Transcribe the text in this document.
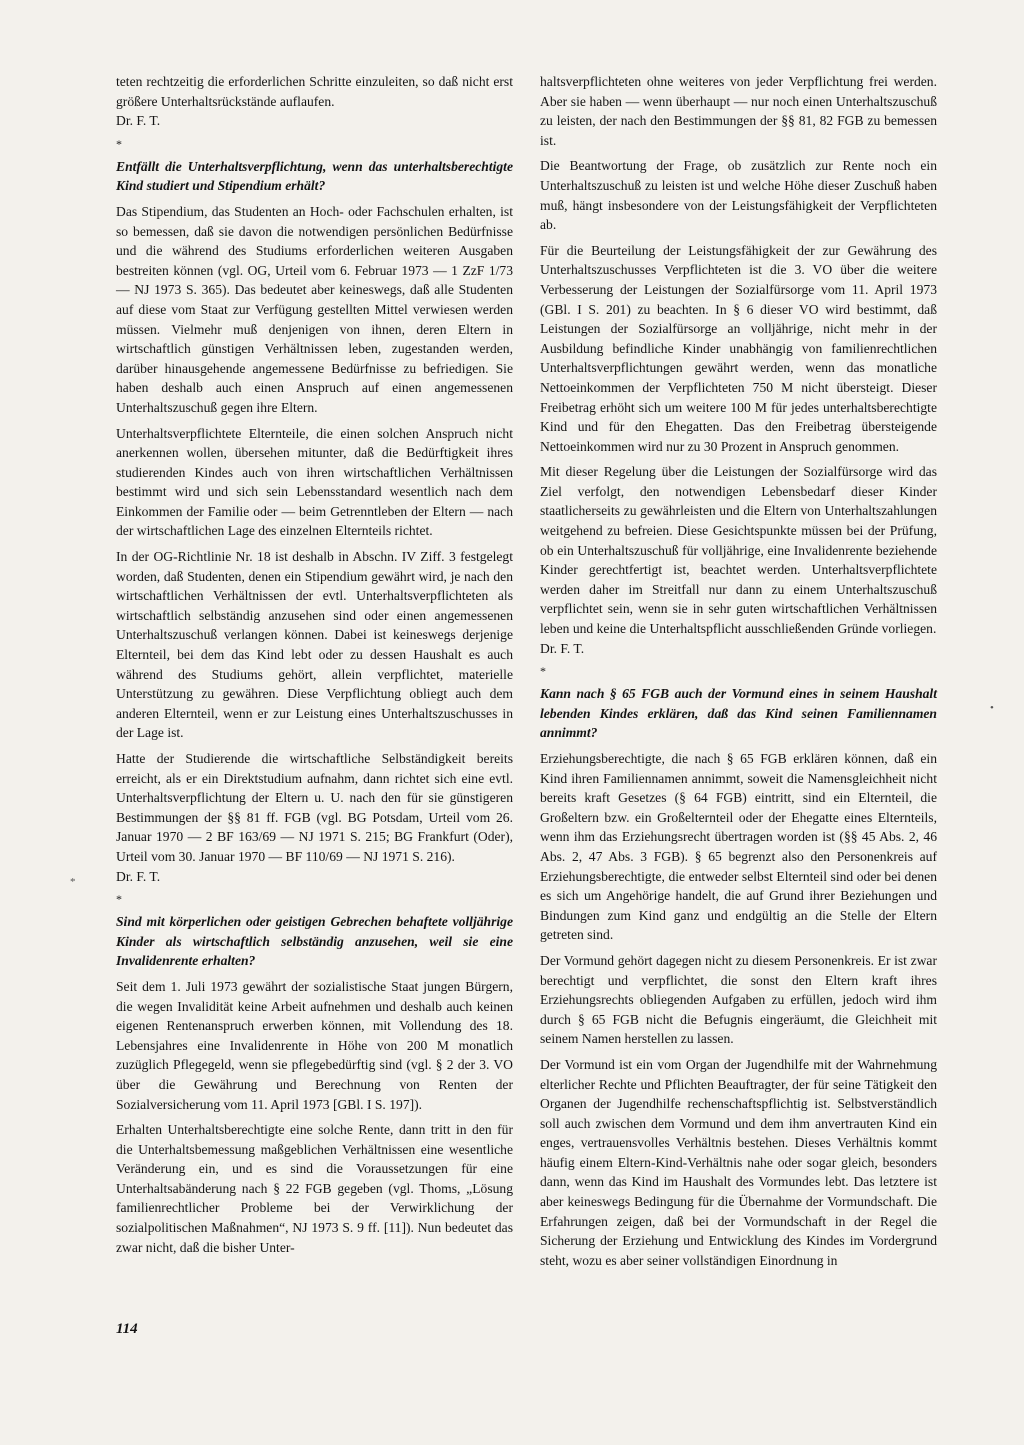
teten rechtzeitig die erforderlichen Schritte einzuleiten, so daß nicht erst größere Unterhaltsrückstände auflaufen.

Dr. F. T.

*

Entfällt die Unterhaltsverpflichtung, wenn das unterhaltsberechtigte Kind studiert und Stipendium erhält?

Das Stipendium, das Studenten an Hoch- oder Fachschulen erhalten, ist so bemessen, daß sie davon die notwendigen persönlichen Bedürfnisse und die während des Studiums erforderlichen weiteren Ausgaben bestreiten können (vgl. OG, Urteil vom 6. Februar 1973 — 1 ZzF 1/73 — NJ 1973 S. 365). Das bedeutet aber keineswegs, daß alle Studenten auf diese vom Staat zur Verfügung gestellten Mittel verwiesen werden müssen. Vielmehr muß denjenigen von ihnen, deren Eltern in wirtschaftlich günstigen Verhältnissen leben, zugestanden werden, darüber hinausgehende angemessene Bedürfnisse zu befriedigen. Sie haben deshalb auch einen Anspruch auf einen angemessenen Unterhaltszuschuß gegen ihre Eltern.

Unterhaltsverpflichtete Elternteile, die einen solchen Anspruch nicht anerkennen wollen, übersehen mitunter, daß die Bedürftigkeit ihres studierenden Kindes auch von ihren wirtschaftlichen Verhältnissen bestimmt wird und sich sein Lebensstandard wesentlich nach dem Einkommen der Familie oder — beim Getrenntleben der Eltern — nach der wirtschaftlichen Lage des einzelnen Elternteils richtet.

In der OG-Richtlinie Nr. 18 ist deshalb in Abschn. IV Ziff. 3 festgelegt worden, daß Studenten, denen ein Stipendium gewährt wird, je nach den wirtschaftlichen Verhältnissen der evtl. Unterhaltsverpflichteten als wirtschaftlich selbständig anzusehen sind oder einen angemessenen Unterhaltszuschuß verlangen können. Dabei ist keineswegs derjenige Elternteil, bei dem das Kind lebt oder zu dessen Haushalt es auch während des Studiums gehört, allein verpflichtet, materielle Unterstützung zu gewähren. Diese Verpflichtung obliegt auch dem anderen Elternteil, wenn er zur Leistung eines Unterhaltszuschusses in der Lage ist.

Hatte der Studierende die wirtschaftliche Selbständigkeit bereits erreicht, als er ein Direktstudium aufnahm, dann richtet sich eine evtl. Unterhaltsverpflichtung der Eltern u. U. nach den für sie günstigeren Bestimmungen der §§ 81 ff. FGB (vgl. BG Potsdam, Urteil vom 26. Januar 1970 — 2 BF 163/69 — NJ 1971 S. 215; BG Frankfurt (Oder), Urteil vom 30. Januar 1970 — BF 110/69 — NJ 1971 S. 216).

Dr. F. T.

*

Sind mit körperlichen oder geistigen Gebrechen behaftete volljährige Kinder als wirtschaftlich selbständig anzusehen, weil sie eine Invalidenrente erhalten?

Seit dem 1. Juli 1973 gewährt der sozialistische Staat jungen Bürgern, die wegen Invalidität keine Arbeit aufnehmen und deshalb auch keinen eigenen Rentenanspruch erwerben können, mit Vollendung des 18. Lebensjahres eine Invalidenrente in Höhe von 200 M monatlich zuzüglich Pflegegeld, wenn sie pflegebedürftig sind (vgl. § 2 der 3. VO über die Gewährung und Berechnung von Renten der Sozialversicherung vom 11. April 1973 [GBl. I S. 197]).

Erhalten Unterhaltsberechtigte eine solche Rente, dann tritt in den für die Unterhaltsbemessung maßgeblichen Verhältnissen eine wesentliche Veränderung ein, und es sind die Voraussetzungen für eine Unterhaltsabänderung nach § 22 FGB gegeben (vgl. Thoms, „Lösung familienrechtlicher Probleme bei der Verwirklichung der sozialpolitischen Maßnahmen“, NJ 1973 S. 9 ff. [11]). Nun bedeutet das zwar nicht, daß die bisher Unter-

haltsverpflichteten ohne weiteres von jeder Verpflichtung frei werden. Aber sie haben — wenn überhaupt — nur noch einen Unterhaltszuschuß zu leisten, der nach den Bestimmungen der §§ 81, 82 FGB zu bemessen ist.

Die Beantwortung der Frage, ob zusätzlich zur Rente noch ein Unterhaltszuschuß zu leisten ist und welche Höhe dieser Zuschuß haben muß, hängt insbesondere von der Leistungsfähigkeit der Verpflichteten ab.

Für die Beurteilung der Leistungsfähigkeit der zur Gewährung des Unterhaltszuschusses Verpflichteten ist die 3. VO über die weitere Verbesserung der Leistungen der Sozialfürsorge vom 11. April 1973 (GBl. I S. 201) zu beachten. In § 6 dieser VO wird bestimmt, daß Leistungen der Sozialfürsorge an volljährige, nicht mehr in der Ausbildung befindliche Kinder unabhängig von familienrechtlichen Unterhaltsverpflichtungen gewährt werden, wenn das monatliche Nettoeinkommen der Verpflichteten 750 M nicht übersteigt. Dieser Freibetrag erhöht sich um weitere 100 M für jedes unterhaltsberechtigte Kind und für den Ehegatten. Das den Freibetrag übersteigende Nettoeinkommen wird nur zu 30 Prozent in Anspruch genommen.

Mit dieser Regelung über die Leistungen der Sozialfürsorge wird das Ziel verfolgt, den notwendigen Lebensbedarf dieser Kinder staatlicherseits zu gewährleisten und die Eltern von Unterhaltszahlungen weitgehend zu befreien. Diese Gesichtspunkte müssen bei der Prüfung, ob ein Unterhaltszuschuß für volljährige, eine Invalidenrente beziehende Kinder gerechtfertigt ist, beachtet werden. Unterhaltsverpflichtete werden daher im Streitfall nur dann zu einem Unterhaltszuschuß verpflichtet sein, wenn sie in sehr guten wirtschaftlichen Verhältnissen leben und keine die Unterhaltspflicht ausschließenden Gründe vorliegen.

Dr. F. T.

*

Kann nach § 65 FGB auch der Vormund eines in seinem Haushalt lebenden Kindes erklären, daß das Kind seinen Familiennamen annimmt?

Erziehungsberechtigte, die nach § 65 FGB erklären können, daß ein Kind ihren Familiennamen annimmt, soweit die Namensgleichheit nicht bereits kraft Gesetzes (§ 64 FGB) eintritt, sind ein Elternteil, die Großeltern bzw. ein Großelternteil oder der Ehegatte eines Elternteils, wenn ihm das Erziehungsrecht übertragen worden ist (§§ 45 Abs. 2, 46 Abs. 2, 47 Abs. 3 FGB). § 65 begrenzt also den Personenkreis auf Erziehungsberechtigte, die entweder selbst Elternteil sind oder bei denen es sich um Angehörige handelt, die auf Grund ihrer Beziehungen und Bindungen zum Kind ganz und endgültig an die Stelle der Eltern getreten sind.

Der Vormund gehört dagegen nicht zu diesem Personenkreis. Er ist zwar berechtigt und verpflichtet, die sonst den Eltern kraft ihres Erziehungsrechts obliegenden Aufgaben zu erfüllen, jedoch wird ihm durch § 65 FGB nicht die Befugnis eingeräumt, die Gleichheit mit seinem Namen herstellen zu lassen.

Der Vormund ist ein vom Organ der Jugendhilfe mit der Wahrnehmung elterlicher Rechte und Pflichten Beauftragter, der für seine Tätigkeit den Organen der Jugendhilfe rechenschaftspflichtig ist. Selbstverständlich soll auch zwischen dem Vormund und dem ihm anvertrauten Kind ein enges, vertrauensvolles Verhältnis bestehen. Dieses Verhältnis kommt häufig einem Eltern-Kind-Verhältnis nahe oder sogar gleich, besonders dann, wenn das Kind im Haushalt des Vormundes lebt. Das letztere ist aber keineswegs Bedingung für die Übernahme der Vormundschaft. Die Erfahrungen zeigen, daß bei der Vormundschaft in der Regel die Sicherung der Erziehung und Entwicklung des Kindes im Vordergrund steht, wozu es aber seiner vollständigen Einordnung in

114
*
•
